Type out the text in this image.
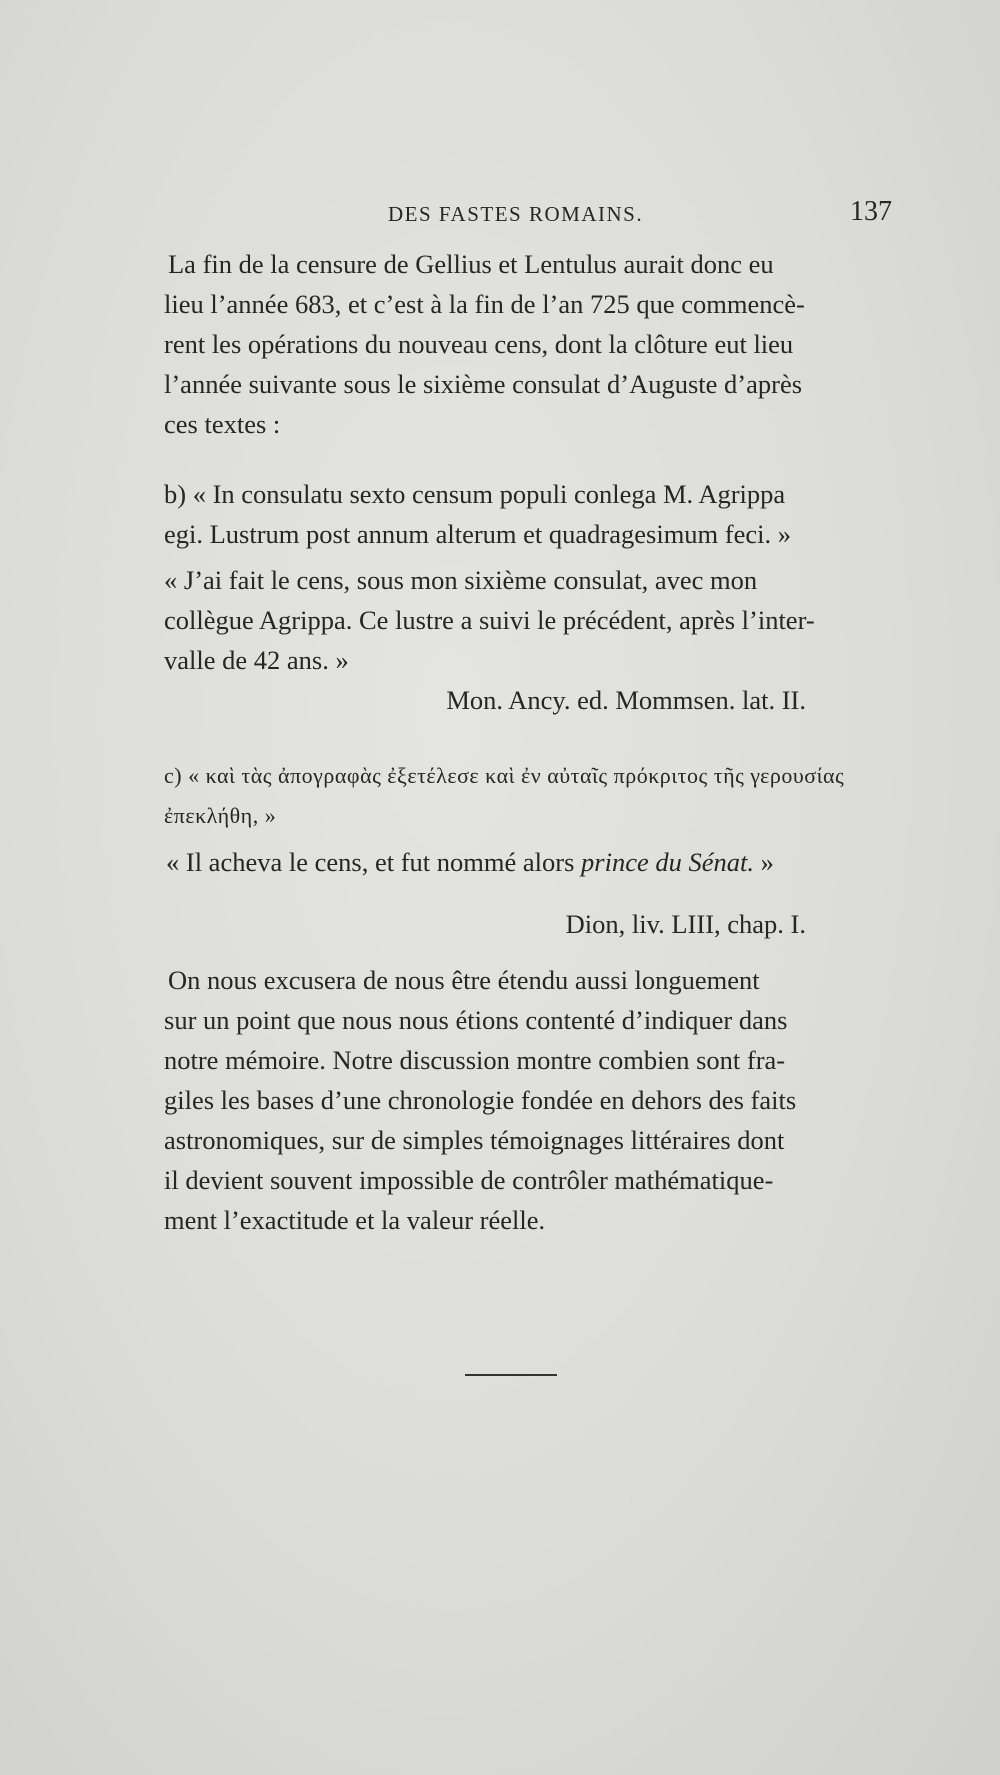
DES FASTES ROMAINS.	137

La fin de la censure de Gellius et Lentulus aurait donc eu
lieu l’année 683, et c’est à la fin de l’an 725 que commencè-
rent les opérations du nouveau cens, dont la clôture eut lieu
l’année suivante sous le sixième consulat d’Auguste d’après
ces textes :

b) « In consulatu sexto censum populi conlega M. Agrippa
egi. Lustrum post annum alterum et quadragesimum feci. »

« J’ai fait le cens, sous mon sixième consulat, avec mon
collègue Agrippa. Ce lustre a suivi le précédent, après l’inter-
valle de 42 ans. »

Mon. Ancy. ed. Mommsen. lat. II.

c) « καὶ τὰς ἀπογραφὰς ἐξετέλεσε καὶ ἐν αὐταῖς πρόκριτος τῆς γερουσίας
ἐπεκλήθη, »

« Il acheva le cens, et fut nommé alors prince du Sénat. »

Dion, liv. LIII, chap. I.

On nous excusera de nous être étendu aussi longuement
sur un point que nous nous étions contenté d’indiquer dans
notre mémoire. Notre discussion montre combien sont fra-
giles les bases d’une chronologie fondée en dehors des faits
astronomiques, sur de simples témoignages littéraires dont
il devient souvent impossible de contrôler mathématique-
ment l’exactitude et la valeur réelle.
